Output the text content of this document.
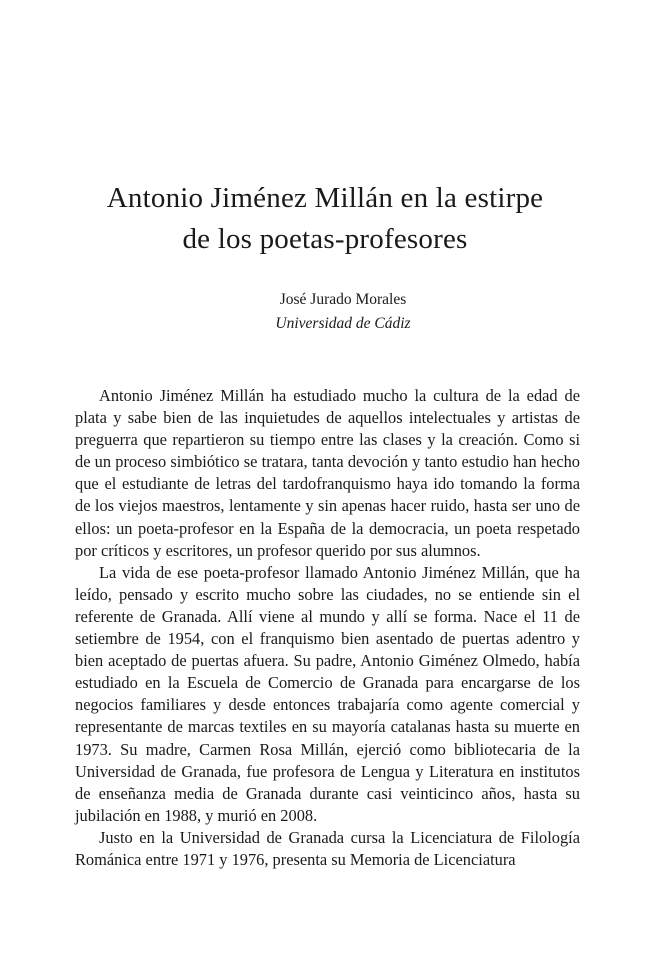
Antonio Jiménez Millán en la estirpe
de los poetas-profesores
José Jurado Morales
Universidad de Cádiz

Antonio Jiménez Millán ha estudiado mucho la cultura de la edad de plata y sabe bien de las inquietudes de aquellos intelectuales y artistas de preguerra que repartieron su tiempo entre las clases y la creación. Como si de un proceso simbiótico se tratara, tanta devoción y tanto estudio han hecho que el estudiante de letras del tardofranquismo haya ido tomando la forma de los viejos maestros, lentamente y sin apenas hacer ruido, hasta ser uno de ellos: un poeta-profesor en la España de la democracia, un poeta respetado por críticos y escritores, un profesor querido por sus alumnos.

La vida de ese poeta-profesor llamado Antonio Jiménez Millán, que ha leído, pensado y escrito mucho sobre las ciudades, no se entiende sin el referente de Granada. Allí viene al mundo y allí se forma. Nace el 11 de setiembre de 1954, con el franquismo bien asentado de puertas adentro y bien aceptado de puertas afuera. Su padre, Antonio Giménez Olmedo, había estudiado en la Escuela de Comercio de Granada para encargarse de los negocios familiares y desde entonces trabajaría como agente comercial y representante de marcas textiles en su mayoría catalanas hasta su muerte en 1973. Su madre, Carmen Rosa Millán, ejerció como bibliotecaria de la Universidad de Granada, fue profesora de Lengua y Literatura en institutos de enseñanza media de Granada durante casi veinticinco años, hasta su jubilación en 1988, y murió en 2008.

Justo en la Universidad de Granada cursa la Licenciatura de Filología Románica entre 1971 y 1976, presenta su Memoria de Licenciatura
